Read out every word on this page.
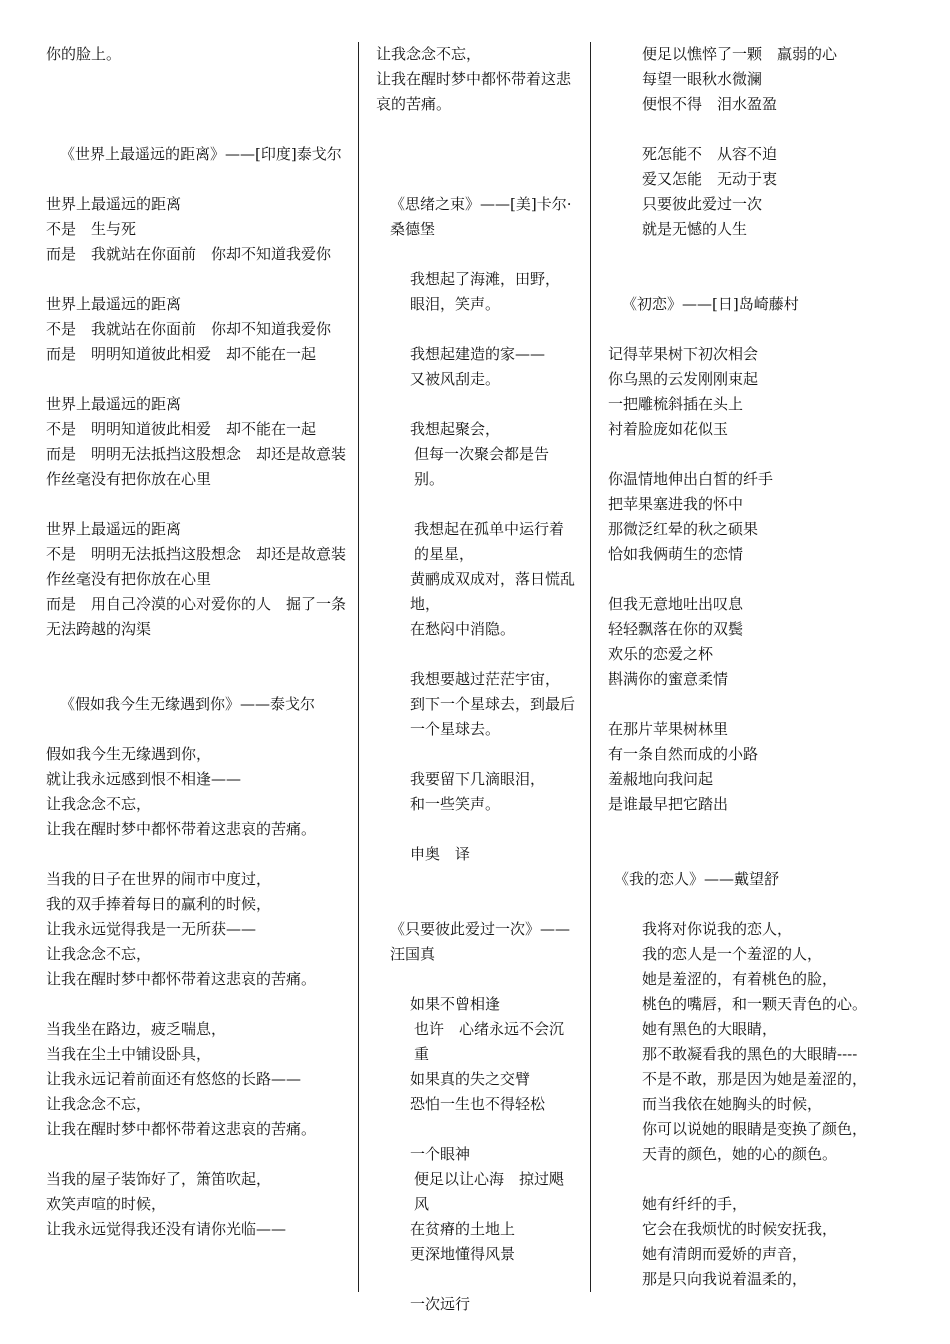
你的脸上。
《世界上最遥远的距离》——[印度]泰戈尔
世界上最遥远的距离
不是　生与死
而是　我就站在你面前　你却不知道我爱你
世界上最遥远的距离
不是　我就站在你面前　你却不知道我爱你
而是　明明知道彼此相爱　却不能在一起
世界上最遥远的距离
不是　明明知道彼此相爱　却不能在一起
而是　明明无法抵挡这股想念　却还是故意装作丝毫没有把你放在心里
世界上最遥远的距离
不是　明明无法抵挡这股想念　却还是故意装作丝毫没有把你放在心里
而是　用自己冷漠的心对爱你的人　掘了一条无法跨越的沟渠
《假如我今生无缘遇到你》——泰戈尔
假如我今生无缘遇到你，
就让我永远感到恨不相逢——
让我念念不忘，
让我在醒时梦中都怀带着这悲哀的苦痛。
当我的日子在世界的闹市中度过，
我的双手捧着每日的赢利的时候，
让我永远觉得我是一无所获——
让我念念不忘，
让我在醒时梦中都怀带着这悲哀的苦痛。
当我坐在路边，疲乏喘息，
当我在尘土中铺设卧具，
让我永远记着前面还有悠悠的长路——
让我念念不忘，
让我在醒时梦中都怀带着这悲哀的苦痛。
当我的屋子装饰好了，箫笛吹起，
欢笑声喧的时候，
让我永远觉得我还没有请你光临——
让我念念不忘，
让我在醒时梦中都怀带着这悲哀的苦痛。
《思绪之束》——[美]卡尔·桑德堡
我想起了海滩，田野，
眼泪，笑声。
我想起建造的家——
又被风刮走。
我想起聚会，
但每一次聚会都是告别。
我想起在孤单中运行着的星星，
黄鹂成双成对，落日慌乱地，
在愁闷中消隐。
我想要越过茫茫宇宙，
到下一个星球去，到最后一个星球去。
我要留下几滴眼泪，
和一些笑声。
申奥　译
《只要彼此爱过一次》——汪国真
如果不曾相逢
也许　心绪永远不会沉重
如果真的失之交臂
恐怕一生也不得轻松
一个眼神
便足以让心海　掠过飓风
在贫瘠的土地上
更深地懂得风景
一次远行
便足以憔悴了一颗　羸弱的心
每望一眼秋水微澜
便恨不得　泪水盈盈
死怎能不　从容不迫
爱又怎能　无动于衷
只要彼此爱过一次
就是无憾的人生
《初恋》——[日]岛崎藤村
记得苹果树下初次相会
你乌黑的云发刚刚束起
一把雕梳斜插在头上
衬着脸庞如花似玉
你温情地伸出白皙的纤手
把苹果塞进我的怀中
那微泛红晕的秋之硕果
恰如我俩萌生的恋情
但我无意地吐出叹息
轻轻飘落在你的双鬓
欢乐的恋爱之杯
斟满你的蜜意柔情
在那片苹果树林里
有一条自然而成的小路
羞赧地向我问起
是谁最早把它踏出
《我的恋人》——戴望舒
我将对你说我的恋人，
我的恋人是一个羞涩的人，
她是羞涩的，有着桃色的脸，
桃色的嘴唇，和一颗天青色的心。
她有黑色的大眼睛，
那不敢凝看我的黑色的大眼睛----
不是不敢，那是因为她是羞涩的，
而当我依在她胸头的时候，
你可以说她的眼睛是变换了颜色，
天青的颜色，她的心的颜色。
她有纤纤的手，
它会在我烦忧的时候安抚我，
她有清朗而爱娇的声音，
那是只向我说着温柔的，
